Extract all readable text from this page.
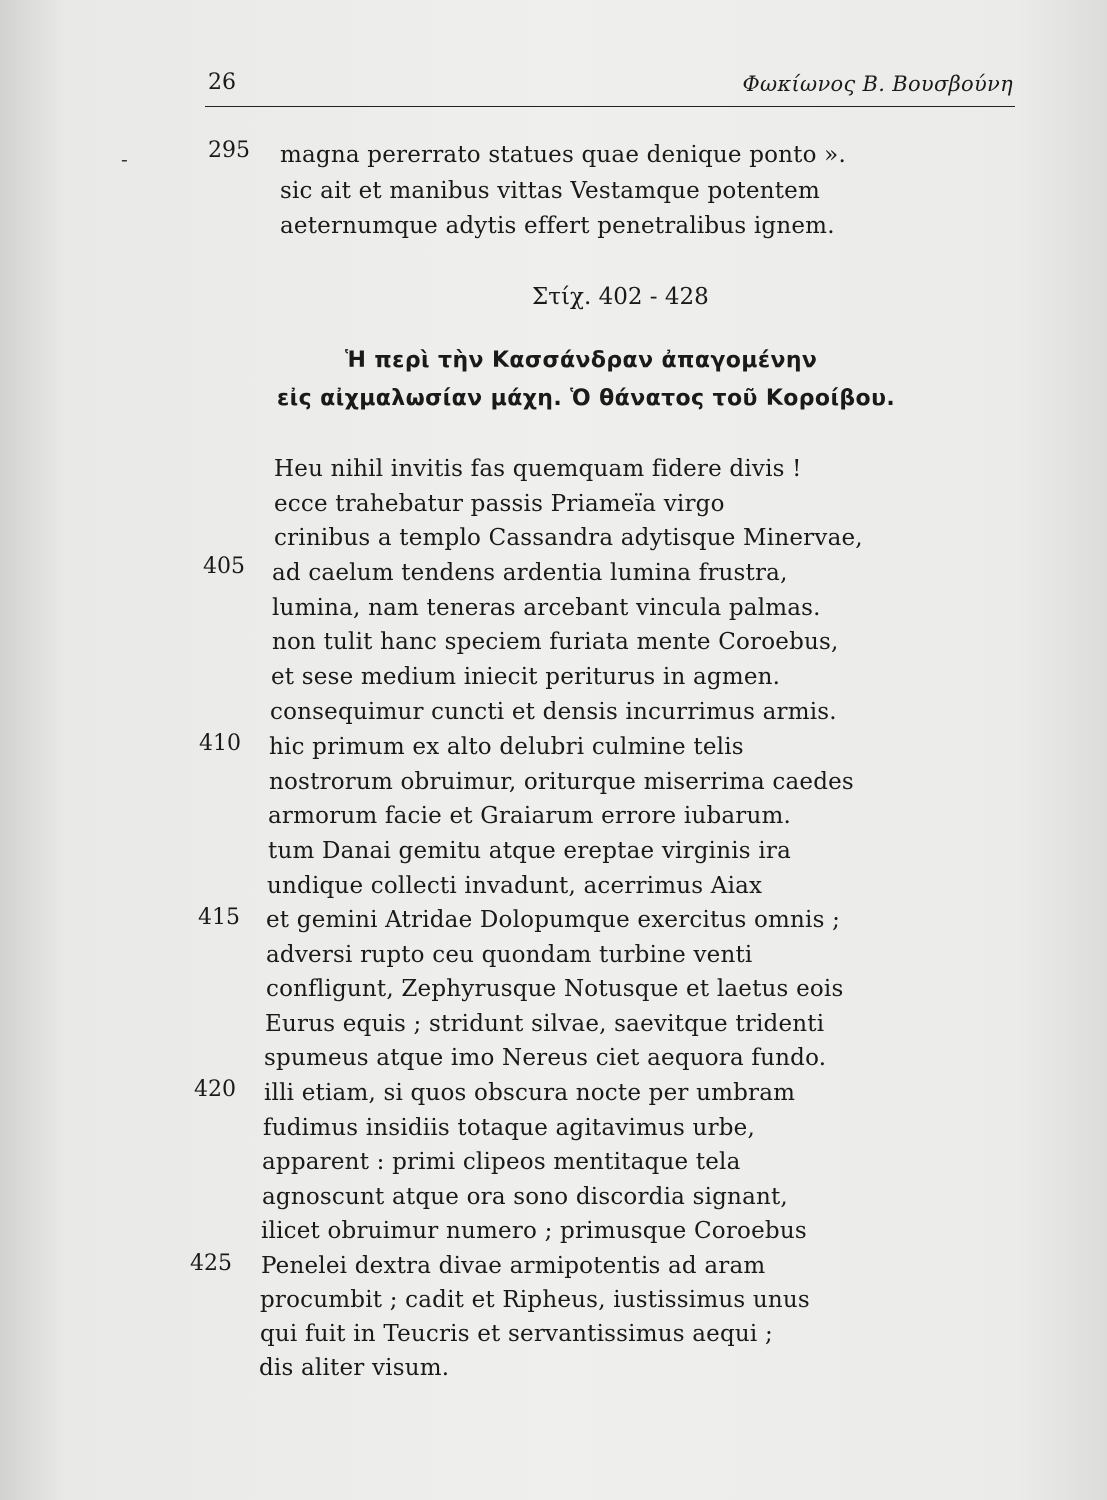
26	Φωκίωνος Β. Βουσβούνη
-	295 magna pererrato statues quae denique ponto ».
sic ait et manibus vittas Vestamque potentem
aeternumque adytis effert penetralibus ignem.
Στίχ. 402 - 428
Ἡ περὶ τὴν Κασσάνδραν ἀπαγομένην
εἰς αἰχμαλωσίαν μάχη. Ὁ θάνατος τοῦ Κοροίβου.
405
410
415
420
425
Heu nihil invitis fas quemquam fidere divis !
ecce trahebatur passis Priameïa virgo
crinibus a templo Cassandra adytisque Minervae,
ad caelum tendens ardentia lumina frustra,
lumina, nam teneras arcebant vincula palmas.
non tulit hanc speciem furiata mente Coroebus,
et sese medium iniecit periturus in agmen.
consequimur cuncti et densis incurrimus armis.
hic primum ex alto delubri culmine telis
nostrorum obruimur, oriturque miserrima caedes
armorum facie et Graiarum errore iubarum.
tum Danai gemitu atque ereptae virginis ira
undique collecti invadunt, acerrimus Aiax
et gemini Atridae Dolopumque exercitus omnis ;
adversi rupto ceu quondam turbine venti
confligunt, Zephyrusque Notusque et laetus eois
Eurus equis ; stridunt silvae, saevitque tridenti
spumeus atque imo Nereus ciet aequora fundo.
illi etiam, si quos obscura nocte per umbram
fudimus insidiis totaque agitavimus urbe,
apparent : primi clipeos mentitaque tela
agnoscunt atque ora sono discordia signant,
ilicet obruimur numero ; primusque Coroebus
Penelei dextra divae armipotentis ad aram
procumbit ; cadit et Ripheus, iustissimus unus
qui fuit in Teucris et servantissimus aequi ;
dis aliter visum.
